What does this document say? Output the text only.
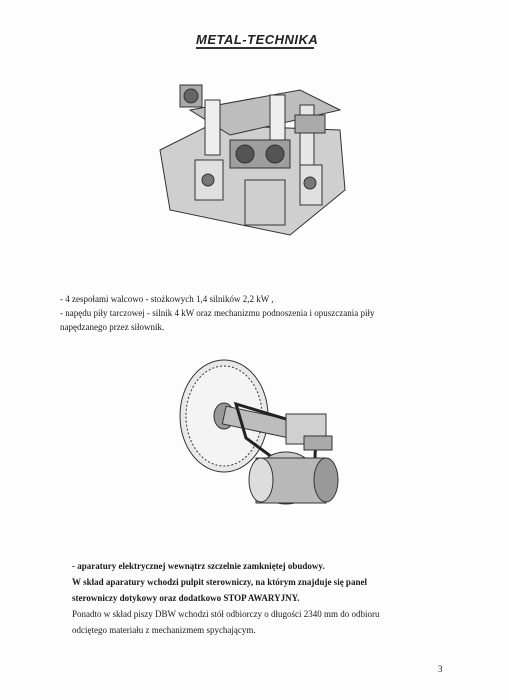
METAL-TECHNIKA
- 4 zespołami walcowo - stożkowych 1,4 silników 2,2 kW ,
- napędu piły tarczowej - silnik 4 kW oraz mechanizmu podnoszenia i opuszczania piły
napędzanego przez siłownik.
- aparatury elektrycznej wewnątrz szczelnie zamkniętej obudowy.
W skład aparatury wchodzi pulpit sterowniczy, na którym znajduje się panel
sterowniczy dotykowy oraz dodatkowo STOP AWARYJNY.
Ponadto w skład piszy DBW wchodzi stół odbiorczy o długości 2340 mm do odbioru
odciętego materiału z mechanizmem spychającym.
3
